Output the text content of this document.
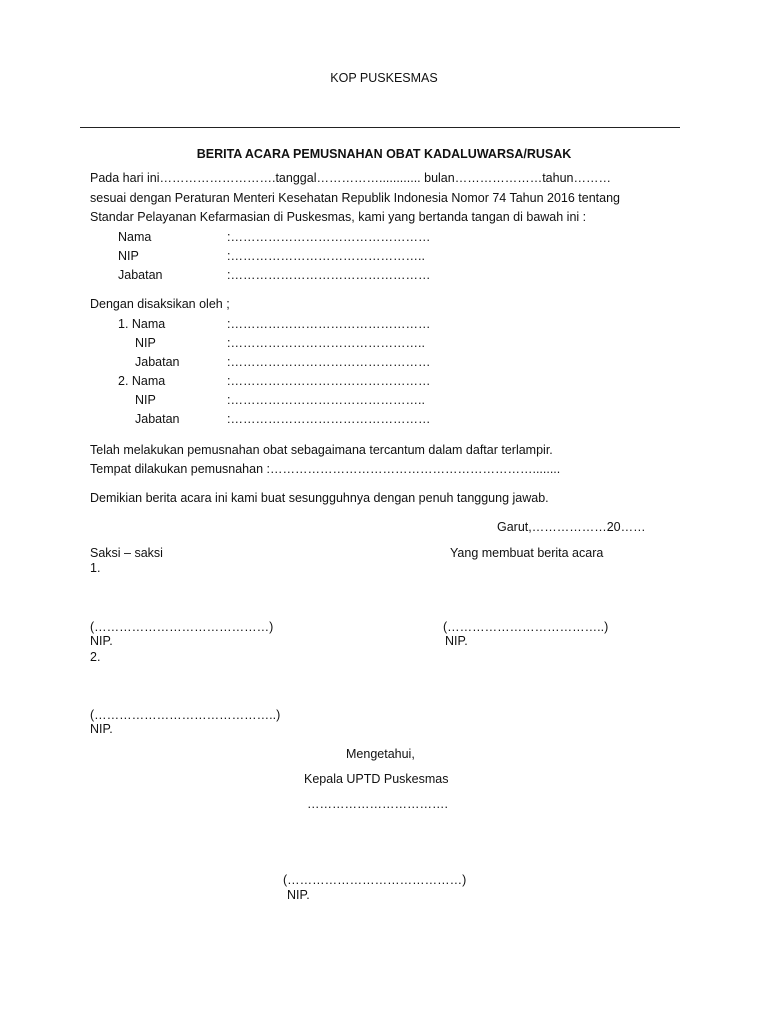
KOP PUSKESMAS
BERITA ACARA PEMUSNAHAN OBAT KADALUWARSA/RUSAK
Pada hari ini……………………….tanggal……………............ bulan…………………tahun………
sesuai dengan Peraturan Menteri Kesehatan Republik Indonesia Nomor 74 Tahun 2016 tentang
Standar Pelayanan Kefarmasian di Puskesmas, kami yang bertanda tangan di bawah ini :
Nama	:…………………………………………
NIP	:………………………………………..
Jabatan	:…………………………………………
Dengan disaksikan oleh ;
1. Nama	:…………………………………………
NIP	:………………………………………..
Jabatan	:…………………………………………
2. Nama	:…………………………………………
NIP	:………………………………………..
Jabatan	:…………………………………………
Telah melakukan pemusnahan obat sebagaimana tercantum dalam daftar terlampir.
Tempat dilakukan pemusnahan :………………………………………………………........
Demikian berita acara ini kami buat sesungguhnya dengan penuh tanggung jawab.
Garut,………………20……
Saksi – saksi	Yang membuat berita acara
1.
(……………………………………)	(………………………………..)
NIP.	NIP.
2.
(……………………………………..)
NIP.
Mengetahui,
Kepala UPTD Puskesmas
…………………………….
(……………………………………)
NIP.
